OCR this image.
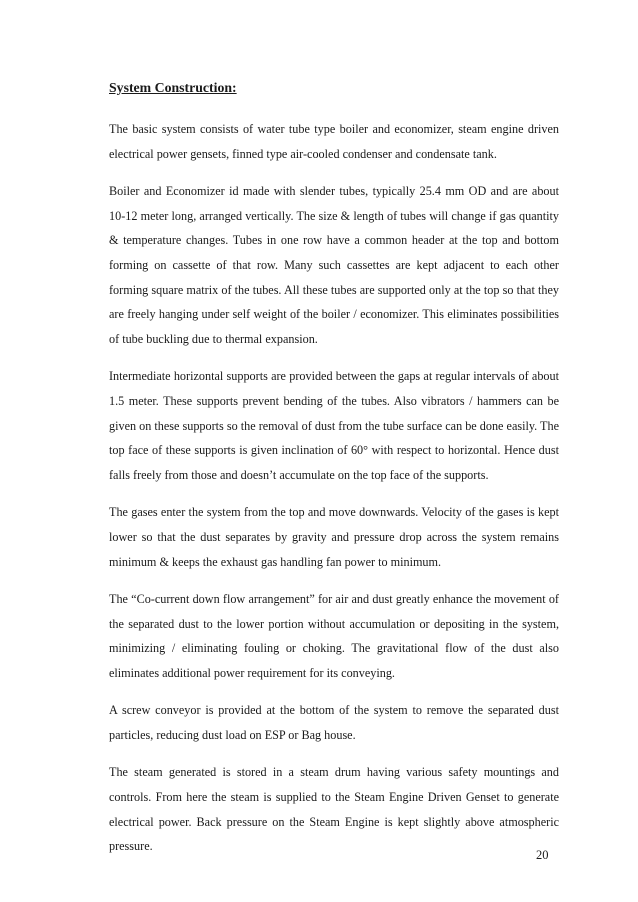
System Construction:

The basic system consists of water tube type boiler and economizer, steam engine driven electrical power gensets, finned type air-cooled condenser and condensate tank.

Boiler and Economizer id made with slender tubes, typically 25.4 mm OD and are about 10-12 meter long, arranged vertically. The size & length of tubes will change if gas quantity & temperature changes. Tubes in one row have a common header at the top and bottom forming on cassette of that row. Many such cassettes are kept adjacent to each other forming square matrix of the tubes. All these tubes are supported only at the top so that they are freely hanging under self weight of the boiler / economizer. This eliminates possibilities of tube buckling due to thermal expansion.

Intermediate horizontal supports are provided between the gaps at regular intervals of about 1.5 meter. These supports prevent bending of the tubes. Also vibrators / hammers can be given on these supports so the removal of dust from the tube surface can be done easily. The top face of these supports is given inclination of 60° with respect to horizontal. Hence dust falls freely from those and doesn’t accumulate on the top face of the supports.

The gases enter the system from the top and move downwards. Velocity of the gases is kept lower so that the dust separates by gravity and pressure drop across the system remains minimum & keeps the exhaust gas handling fan power to minimum.

The “Co-current down flow arrangement” for air and dust greatly enhance the movement of the separated dust to the lower portion without accumulation or depositing in the system, minimizing / eliminating fouling or choking. The gravitational flow of the dust also eliminates additional power requirement for its conveying.

A screw conveyor is provided at the bottom of the system to remove the separated dust particles, reducing dust load on ESP or Bag house.

The steam generated is stored in a steam drum having various safety mountings and controls. From here the steam is supplied to the Steam Engine Driven Genset to generate electrical power. Back pressure on the Steam Engine is kept slightly above atmospheric pressure.

20
